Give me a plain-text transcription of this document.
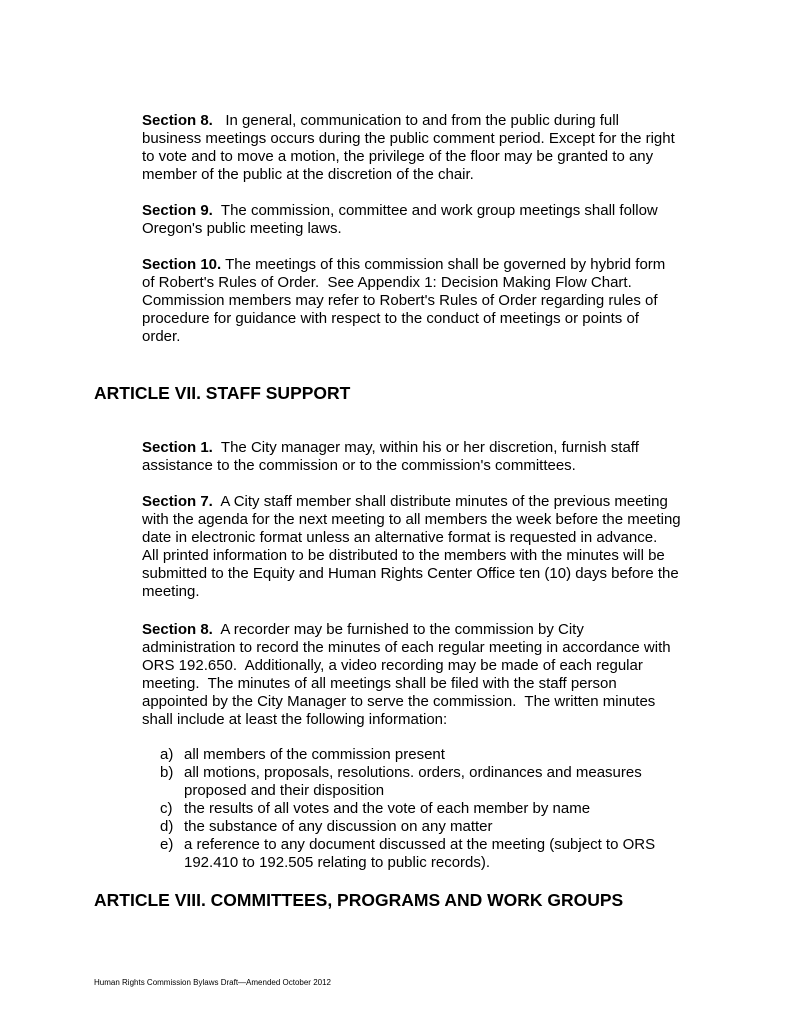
Section 8.   In general, communication to and from the public during full
business meetings occurs during the public comment period. Except for the right
to vote and to move a motion, the privilege of the floor may be granted to any
member of the public at the discretion of the chair.
Section 9.  The commission, committee and work group meetings shall follow
Oregon's public meeting laws.
Section 10. The meetings of this commission shall be governed by hybrid form
of Robert's Rules of Order.  See Appendix 1: Decision Making Flow Chart.
Commission members may refer to Robert's Rules of Order regarding rules of
procedure for guidance with respect to the conduct of meetings or points of
order.
ARTICLE VII. STAFF SUPPORT
Section 1.  The City manager may, within his or her discretion, furnish staff
assistance to the commission or to the commission's committees.
Section 7.  A City staff member shall distribute minutes of the previous meeting
with the agenda for the next meeting to all members the week before the meeting
date in electronic format unless an alternative format is requested in advance.
All printed information to be distributed to the members with the minutes will be
submitted to the Equity and Human Rights Center Office ten (10) days before the
meeting.
Section 8.  A recorder may be furnished to the commission by City
administration to record the minutes of each regular meeting in accordance with
ORS 192.650.  Additionally, a video recording may be made of each regular
meeting.  The minutes of all meetings shall be filed with the staff person
appointed by the City Manager to serve the commission.  The written minutes
shall include at least the following information:
a) all members of the commission present
b) all motions, proposals, resolutions. orders, ordinances and measures
proposed and their disposition
c) the results of all votes and the vote of each member by name
d) the substance of any discussion on any matter
e) a reference to any document discussed at the meeting (subject to ORS
192.410 to 192.505 relating to public records).
ARTICLE VIII. COMMITTEES, PROGRAMS AND WORK GROUPS
Human Rights Commission Bylaws Draft—Amended October 2012
